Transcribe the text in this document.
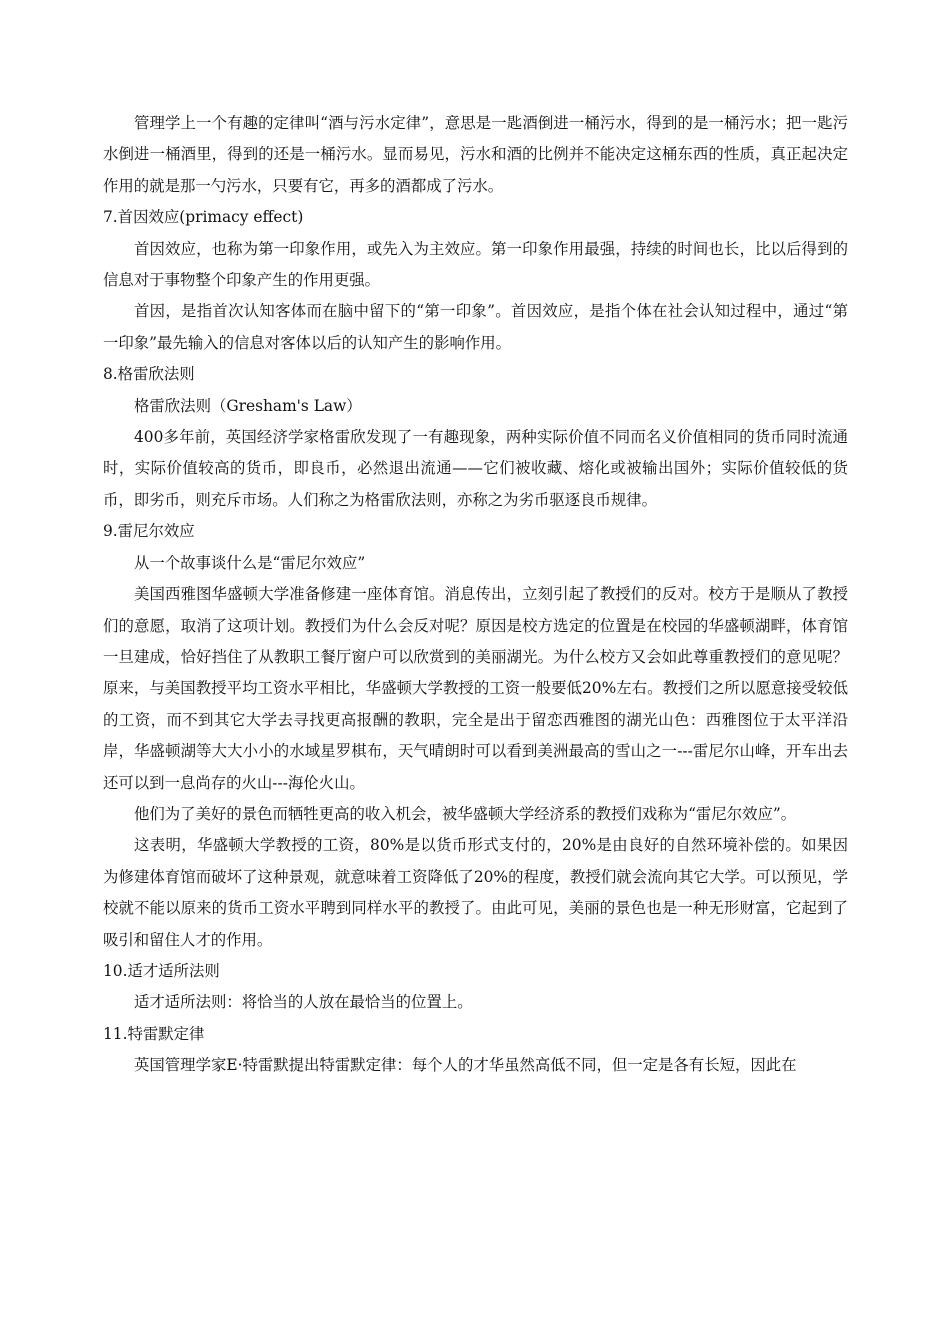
管理学上一个有趣的定律叫“酒与污水定律”，意思是一匙酒倒进一桶污水，得到的是一桶污水；把一匙污水倒进一桶酒里，得到的还是一桶污水。显而易见，污水和酒的比例并不能决定这桶东西的性质，真正起决定作用的就是那一勺污水，只要有它，再多的酒都成了污水。

7.首因效应(primacy effect)

首因效应，也称为第一印象作用，或先入为主效应。第一印象作用最强，持续的时间也长，比以后得到的信息对于事物整个印象产生的作用更强。

首因，是指首次认知客体而在脑中留下的“第一印象”。首因效应，是指个体在社会认知过程中，通过“第一印象”最先输入的信息对客体以后的认知产生的影响作用。

8.格雷欣法则

格雷欣法则（Gresham's Law）

400多年前，英国经济学家格雷欣发现了一有趣现象，两种实际价值不同而名义价值相同的货币同时流通时，实际价值较高的货币，即良币，必然退出流通——它们被收藏、熔化或被输出国外；实际价值较低的货币，即劣币，则充斥市场。人们称之为格雷欣法则，亦称之为劣币驱逐良币规律。

9.雷尼尔效应

从一个故事谈什么是“雷尼尔效应”

美国西雅图华盛顿大学准备修建一座体育馆。消息传出，立刻引起了教授们的反对。校方于是顺从了教授们的意愿，取消了这项计划。教授们为什么会反对呢？原因是校方选定的位置是在校园的华盛顿湖畔，体育馆一旦建成，恰好挡住了从教职工餐厅窗户可以欣赏到的美丽湖光。为什么校方又会如此尊重教授们的意见呢？原来，与美国教授平均工资水平相比，华盛顿大学教授的工资一般要低20%左右。教授们之所以愿意接受较低的工资，而不到其它大学去寻找更高报酬的教职，完全是出于留恋西雅图的湖光山色：西雅图位于太平洋沿岸，华盛顿湖等大大小小的水域星罗棋布，天气晴朗时可以看到美洲最高的雪山之一---雷尼尔山峰，开车出去还可以到一息尚存的火山---海伦火山。

他们为了美好的景色而牺牲更高的收入机会，被华盛顿大学经济系的教授们戏称为“雷尼尔效应”。

这表明，华盛顿大学教授的工资，80%是以货币形式支付的，20%是由良好的自然环境补偿的。如果因为修建体育馆而破坏了这种景观，就意味着工资降低了20%的程度，教授们就会流向其它大学。可以预见，学校就不能以原来的货币工资水平聘到同样水平的教授了。由此可见，美丽的景色也是一种无形财富，它起到了吸引和留住人才的作用。

10.适才适所法则

适才适所法则：将恰当的人放在最恰当的位置上。

11.特雷默定律

英国管理学家E·特雷默提出特雷默定律：每个人的才华虽然高低不同，但一定是各有长短，因此在
